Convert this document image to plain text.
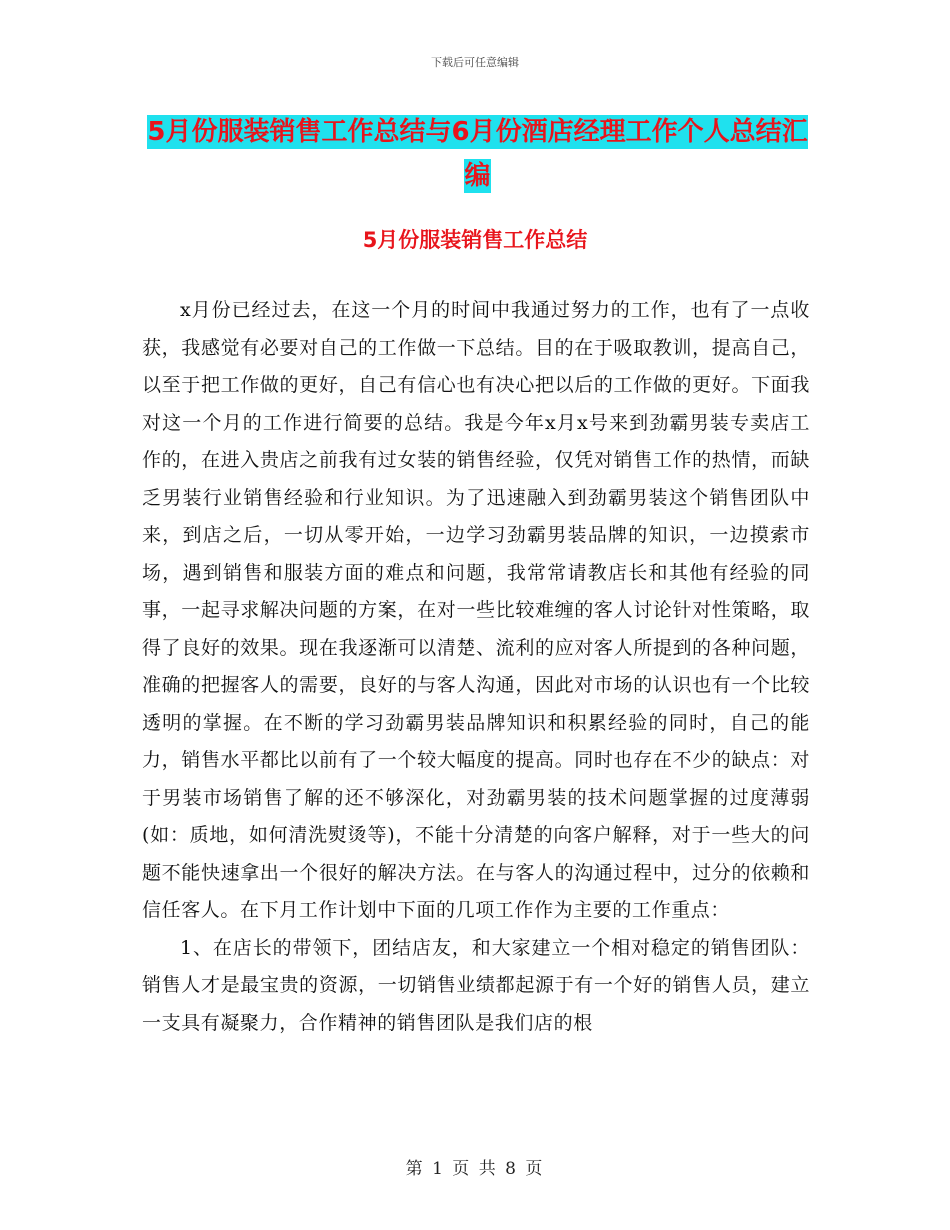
下载后可任意编辑
5月份服装销售工作总结与6月份酒店经理工作个人总结汇编
5月份服装销售工作总结

x月份已经过去，在这一个月的时间中我通过努力的工作，也有了一点收获，我感觉有必要对自己的工作做一下总结。目的在于吸取教训，提高自己，以至于把工作做的更好，自己有信心也有决心把以后的工作做的更好。下面我对这一个月的工作进行简要的总结。我是今年x月x号来到劲霸男装专卖店工作的，在进入贵店之前我有过女装的销售经验，仅凭对销售工作的热情，而缺乏男装行业销售经验和行业知识。为了迅速融入到劲霸男装这个销售团队中来，到店之后，一切从零开始，一边学习劲霸男装品牌的知识，一边摸索市场，遇到销售和服装方面的难点和问题，我常常请教店长和其他有经验的同事，一起寻求解决问题的方案，在对一些比较难缠的客人讨论针对性策略，取得了良好的效果。现在我逐渐可以清楚、流利的应对客人所提到的各种问题，准确的把握客人的需要，良好的与客人沟通，因此对市场的认识也有一个比较透明的掌握。在不断的学习劲霸男装品牌知识和积累经验的同时，自己的能力，销售水平都比以前有了一个较大幅度的提高。同时也存在不少的缺点：对于男装市场销售了解的还不够深化，对劲霸男装的技术问题掌握的过度薄弱(如：质地，如何清洗熨烫等)，不能十分清楚的向客户解释，对于一些大的问题不能快速拿出一个很好的解决方法。在与客人的沟通过程中，过分的依赖和信任客人。在下月工作计划中下面的几项工作作为主要的工作重点：

1、在店长的带领下，团结店友，和大家建立一个相对稳定的销售团队：销售人才是最宝贵的资源，一切销售业绩都起源于有一个好的销售人员，建立一支具有凝聚力，合作精神的销售团队是我们店的根

第 1 页 共 8 页
